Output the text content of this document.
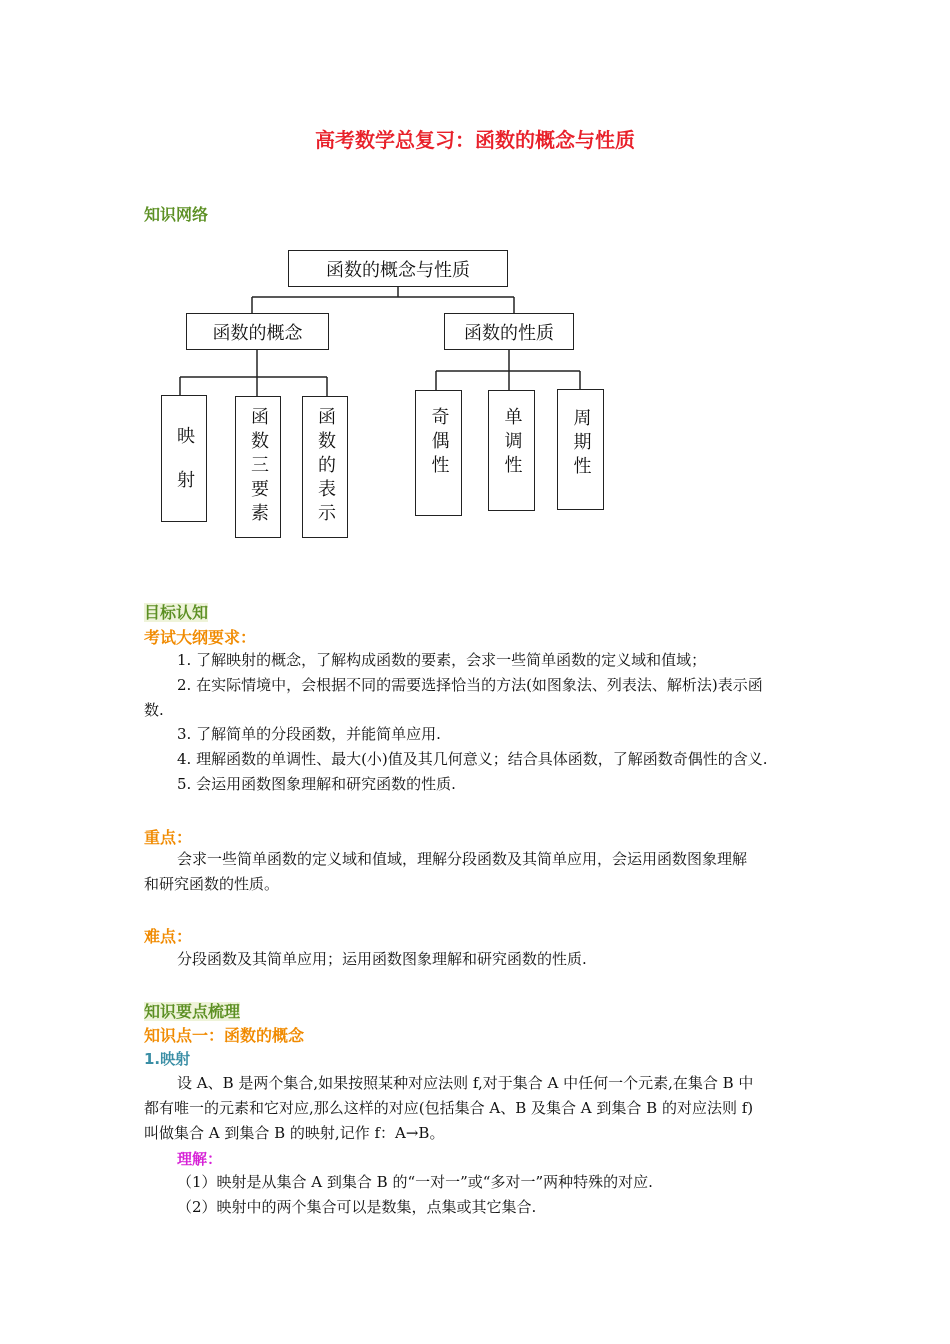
高考数学总复习：函数的概念与性质
知识网络
函数的概念与性质
函数的概念	函数的性质
映射	函数三要素	函数的表示	奇偶性	单调性	周期性
目标认知
考试大纲要求：
1. 了解映射的概念，了解构成函数的要素，会求一些简单函数的定义域和值域；
2. 在实际情境中，会根据不同的需要选择恰当的方法(如图象法、列表法、解析法)表示函
数.
3. 了解简单的分段函数，并能简单应用.
4. 理解函数的单调性、最大(小)值及其几何意义；结合具体函数，了解函数奇偶性的含义.
5. 会运用函数图象理解和研究函数的性质.
重点：
会求一些简单函数的定义域和值域，理解分段函数及其简单应用，会运用函数图象理解
和研究函数的性质。
难点：
分段函数及其简单应用；运用函数图象理解和研究函数的性质.
知识要点梳理
知识点一：函数的概念
1.映射
设 A、B 是两个集合,如果按照某种对应法则 f,对于集合 A 中任何一个元素,在集合 B 中
都有唯一的元素和它对应,那么这样的对应(包括集合 A、B 及集合 A 到集合 B 的对应法则 f)
叫做集合 A 到集合 B 的映射,记作 f：A→B。
理解：
（1）映射是从集合 A 到集合 B 的“一对一”或“多对一”两种特殊的对应.
（2）映射中的两个集合可以是数集，点集或其它集合.
